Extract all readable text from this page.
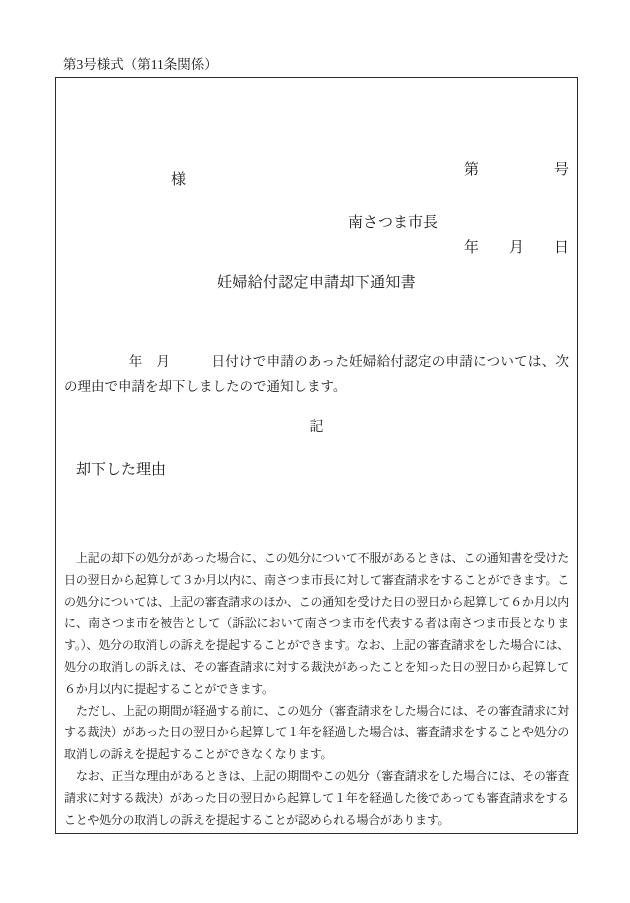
第3号様式（第11条関係）

第　　　　　号

年　　月　　日

様
南さつま市長
妊婦給付認定申請却下通知書

年　月　　　日付けで申請のあった妊婦給付認定の申請については、次の理由で申請を却下しましたので通知します。

記
却下した理由

上記の却下の処分があった場合に、この処分について不服があるときは、この通知書を受けた日の翌日から起算して３か月以内に、南さつま市長に対して審査請求をすることができます。この処分については、上記の審査請求のほか、この通知を受けた日の翌日から起算して６か月以内に、南さつま市を被告として（訴訟において南さつま市を代表する者は南さつま市長となります。）、処分の取消しの訴えを提起することができます。なお、上記の審査請求をした場合には、処分の取消しの訴えは、その審査請求に対する裁決があったことを知った日の翌日から起算して６か月以内に提起することができます。

ただし、上記の期間が経過する前に、この処分（審査請求をした場合には、その審査請求に対する裁決）があった日の翌日から起算して１年を経過した場合は、審査請求をすることや処分の取消しの訴えを提起することができなくなります。

なお、正当な理由があるときは、上記の期間やこの処分（審査請求をした場合には、その審査請求に対する裁決）があった日の翌日から起算して１年を経過した後であっても審査請求をすることや処分の取消しの訴えを提起することが認められる場合があります。
